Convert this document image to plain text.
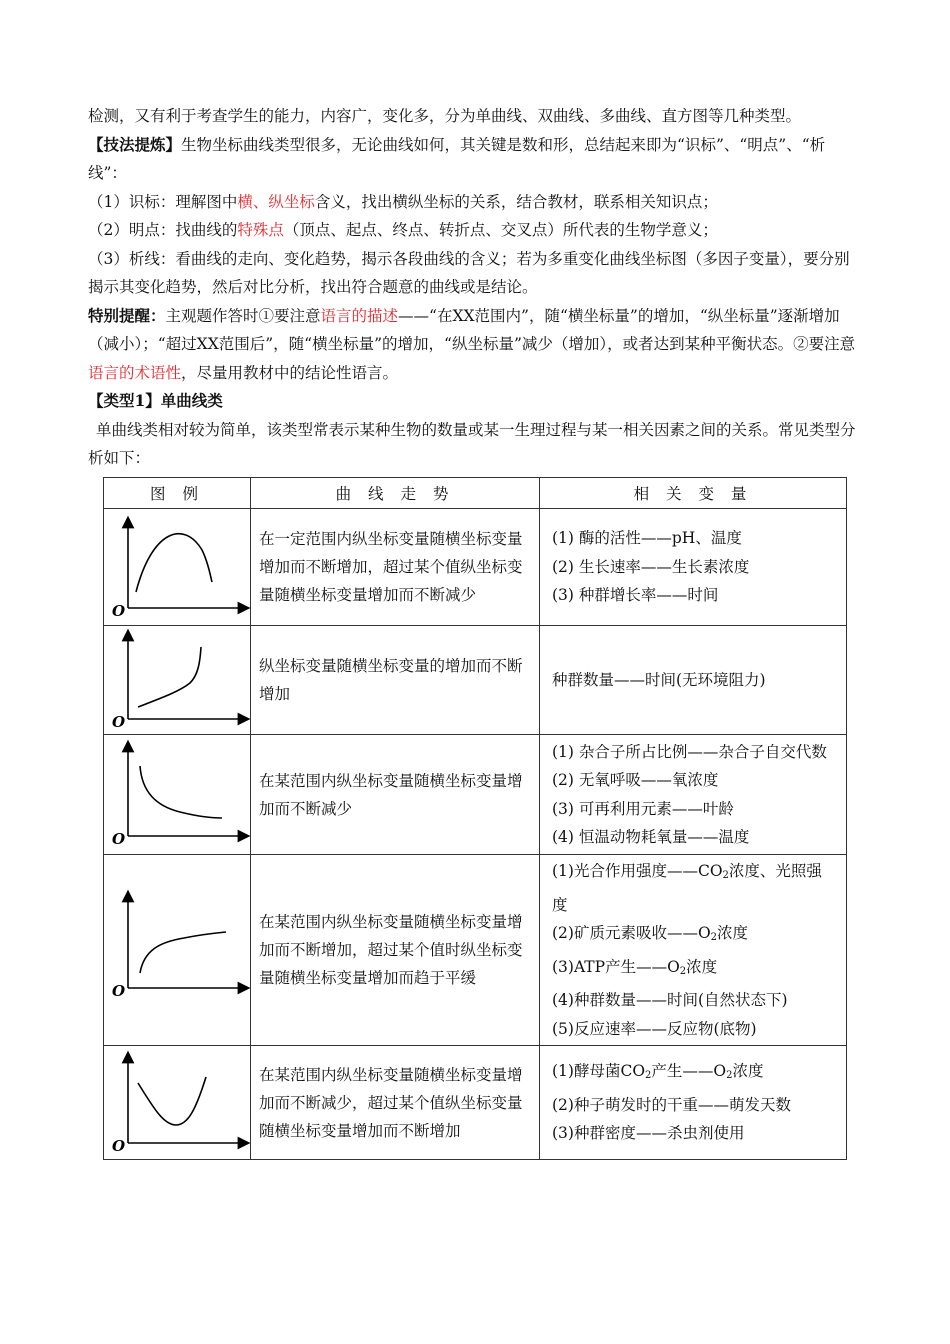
检测，又有利于考查学生的能力，内容广，变化多，分为单曲线、双曲线、多曲线、直方图等几种类型。

【技法提炼】生物坐标曲线类型很多，无论曲线如何，其关键是数和形，总结起来即为“识标”、“明点”、“析线”：

（1）识标：理解图中横、纵坐标含义，找出横纵坐标的关系，结合教材，联系相关知识点；

（2）明点：找曲线的特殊点（顶点、起点、终点、转折点、交叉点）所代表的生物学意义；

（3）析线：看曲线的走向、变化趋势，揭示各段曲线的含义；若为多重变化曲线坐标图（多因子变量），要分别揭示其变化趋势，然后对比分析，找出符合题意的曲线或是结论。

特别提醒：主观题作答时①要注意语言的描述——“在XX范围内”，随“横坐标量”的增加，“纵坐标量”逐渐增加（减小）；“超过XX范围后”，随“横坐标量”的增加，“纵坐标量”减少（增加），或者达到某种平衡状态。②要注意语言的术语性，尽量用教材中的结论性语言。

【类型1】单曲线类

单曲线类相对较为简单，该类型常表示某种生物的数量或某一生理过程与某一相关因素之间的关系。常见类型分析如下：

图 例	曲 线 走 势	相 关 变 量

O	在一定范围内纵坐标变量随横坐标变量增加而不断增加，超过某个值纵坐标变量随横坐标变量增加而不断减少	(1) 酶的活性——pH、温度
(2) 生长速率——生长素浓度
(3) 种群增长率——时间

O	纵坐标变量随横坐标变量的增加而不断增加	种群数量——时间(无环境阻力)

O	在某范围内纵坐标变量随横坐标变量增加而不断减少	(1) 杂合子所占比例——杂合子自交代数
(2) 无氧呼吸——氧浓度
(3) 可再利用元素——叶龄
(4) 恒温动物耗氧量——温度

O	在某范围内纵坐标变量随横坐标变量增加而不断增加，超过某个值时纵坐标变量随横坐标变量增加而趋于平缓	(1)光合作用强度$——CO_2$浓度、光照强度
(2)矿质元素吸收$——O_2$浓度
(3)ATP产生$——O_2$浓度
(4)种群数量——时间(自然状态下)
(5)反应速率——反应物(底物)

O	在某范围内纵坐标变量随横坐标变量增加而不断减少，超过某个值纵坐标变量随横坐标变量增加而不断增加	(1)酵母菌$CO_2$产生$——O_2$浓度
(2)种子萌发时的干重——萌发天数
(3)种群密度——杀虫剂使用
